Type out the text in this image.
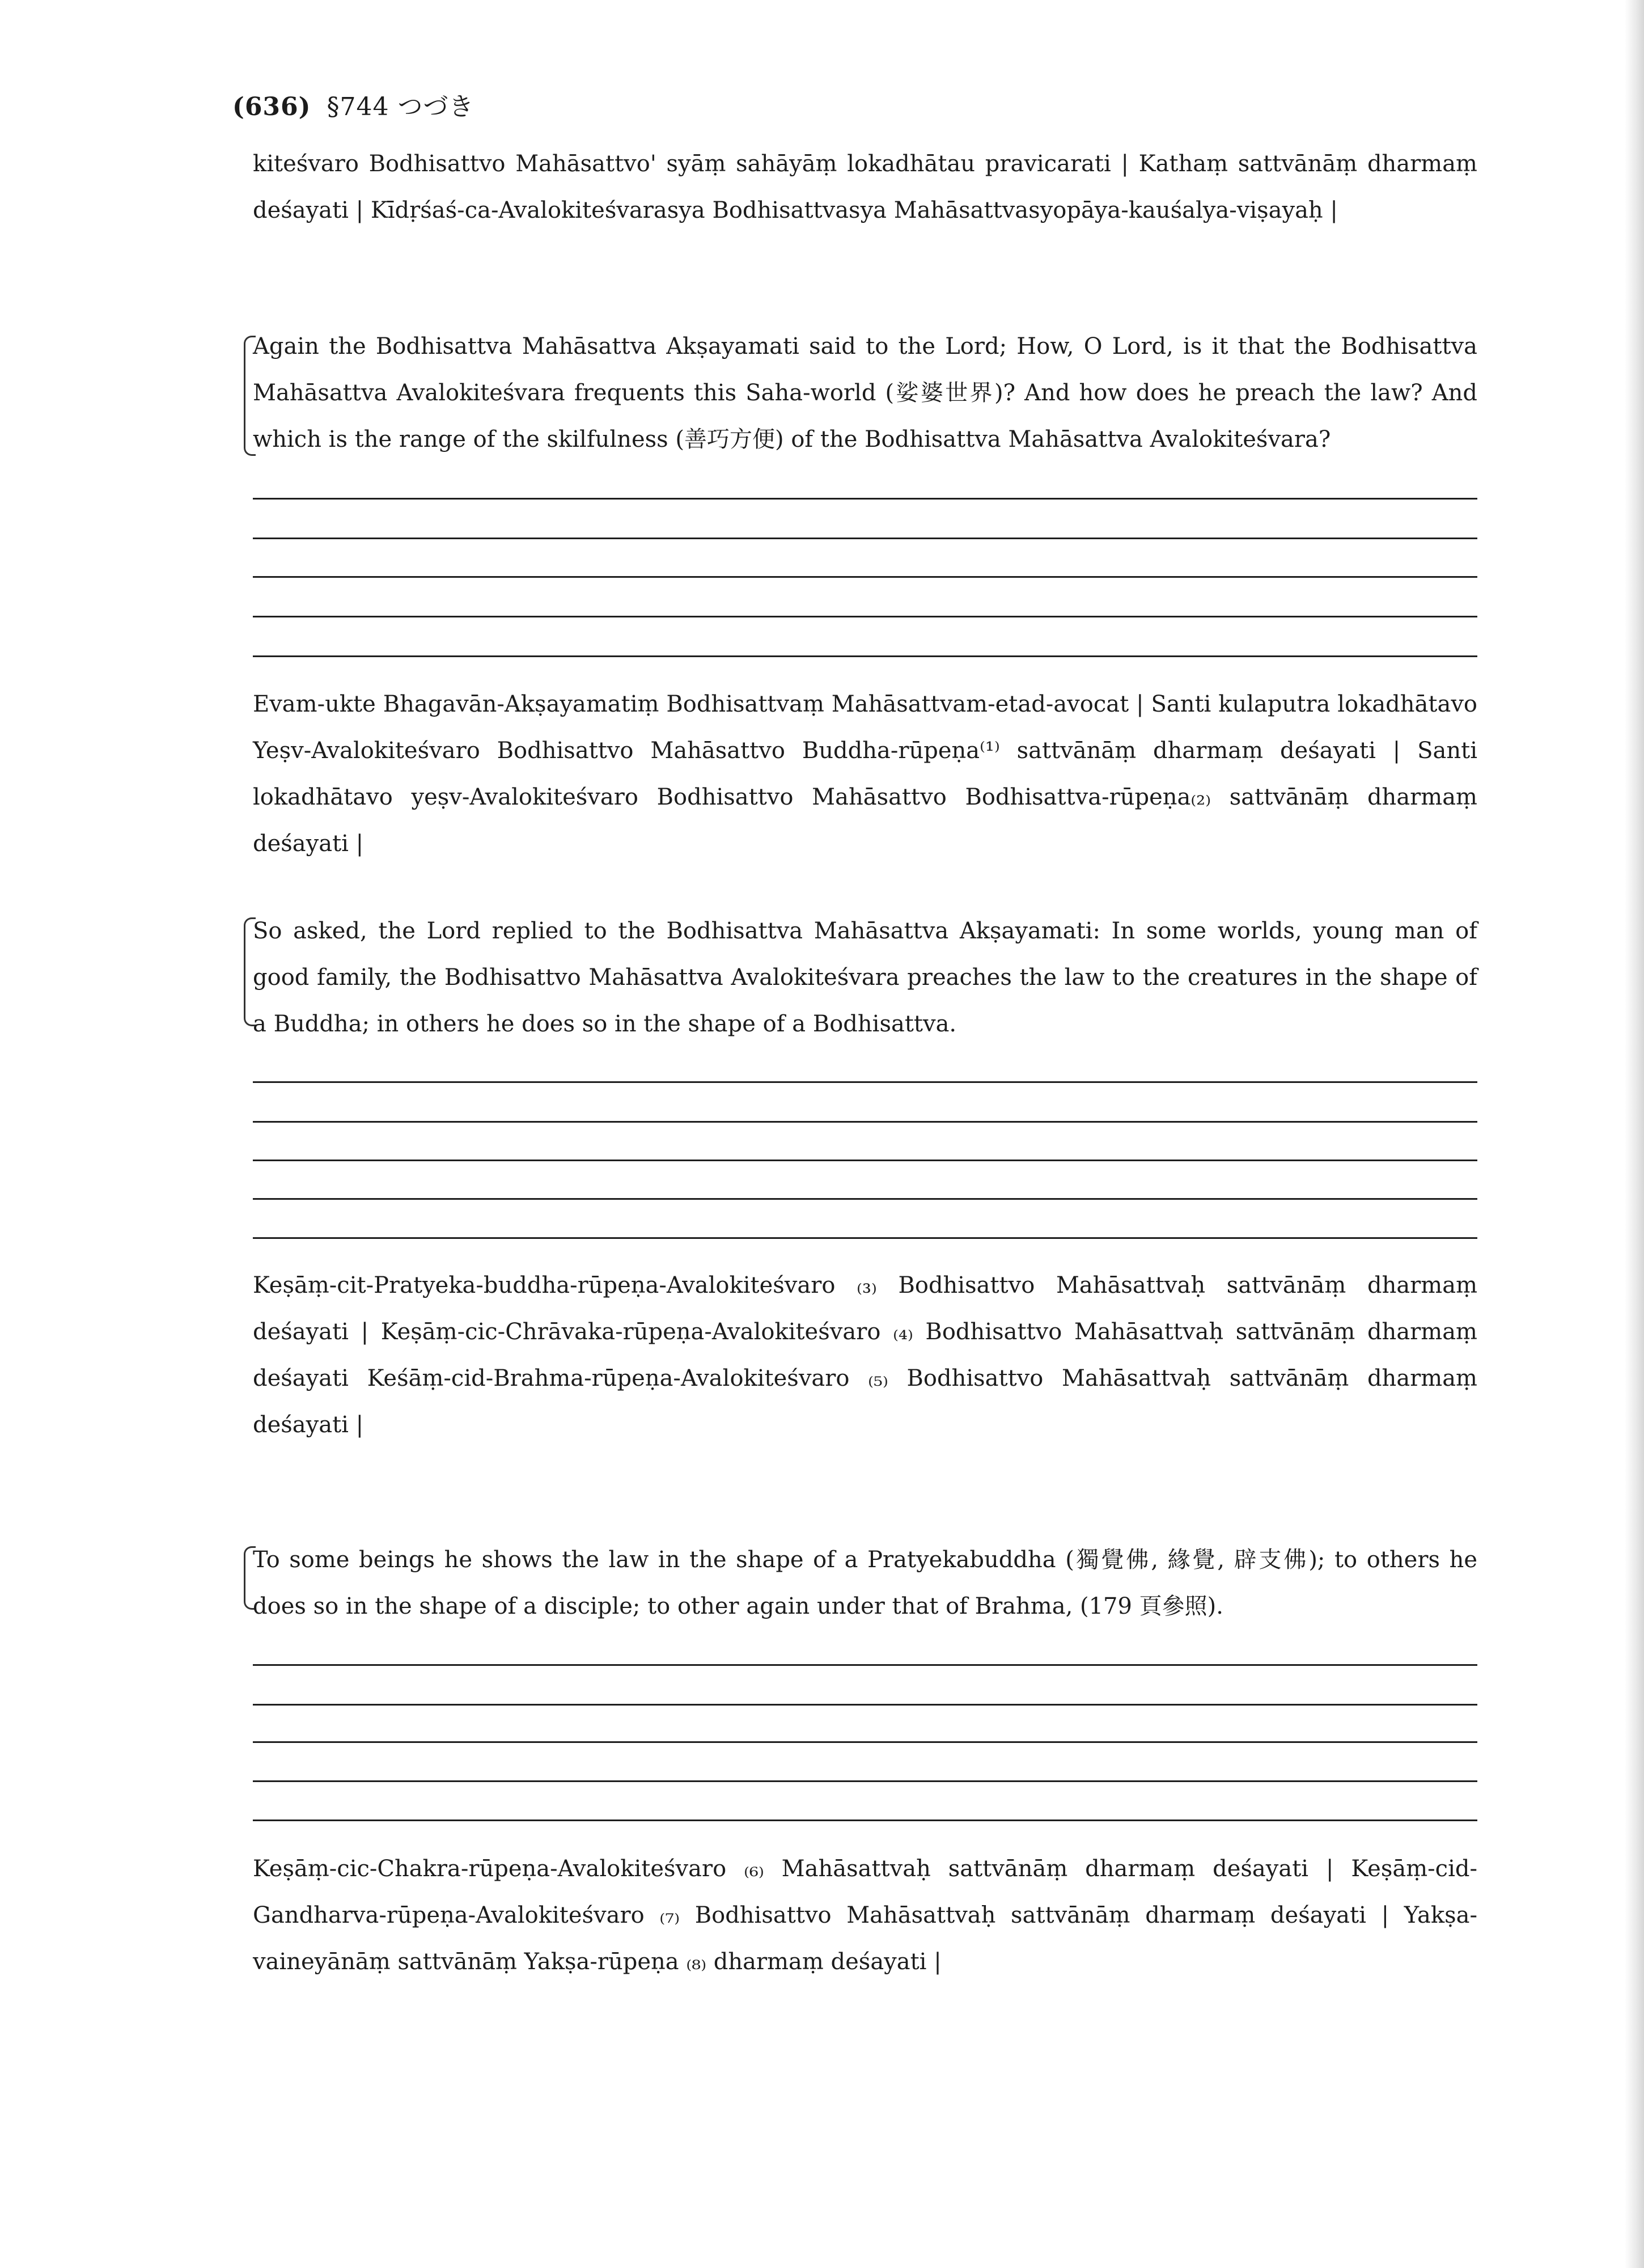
(636) §744 つづき

kiteśvaro Bodhisattvo Mahāsattvo' syāṃ sahāyāṃ lokadhātau pravicarati | Kathaṃ sattvānāṃ dharmaṃ deśayati | Kīdṛśaś-ca-Avalokiteśvarasya Bodhisattvasya Mahāsattvasyopāya-kauśalya-viṣayaḥ |

Again the Bodhisattva Mahāsattva Akṣayamati said to the Lord; How, O Lord, is it that the Bodhisattva Mahāsattva Avalokiteśvara frequents this Saha-world (娑婆世界)? And how does he preach the law? And which is the range of the skilfulness (善巧方便) of the Bodhisattva Mahāsattva Avalokiteśvara?

Evam-ukte Bhagavān-Akṣayamatiṃ Bodhisattvaṃ Mahāsattvam-etad-avocat | Santi kulaputra lokadhātavo Yeṣv-Avalokiteśvaro Bodhisattvo Mahāsattvo Buddha-rūpeṇa⁽¹⁾ sattvānāṃ dharmaṃ deśayati | Santi lokadhātavo yeṣv-Avalokiteśvaro Bodhisattvo Mahāsattvo Bodhisattva-rūpeṇa₍₂₎ sattvānāṃ dharmaṃ deśayati |

So asked, the Lord replied to the Bodhisattva Mahāsattva Akṣayamati: In some worlds, young man of good family, the Bodhisattvo Mahāsattva Avalokiteśvara preaches the law to the creatures in the shape of a Buddha; in others he does so in the shape of a Bodhisattva.

Keṣāṃ-cit-Pratyeka-buddha-rūpeṇa-Avalokiteśvaro ₍₃₎ Bodhisattvo Mahāsattvaḥ sattvānāṃ dharmaṃ deśayati | Keṣāṃ-cic-Chrāvaka-rūpeṇa-Avalokiteśvaro ₍₄₎ Bodhisattvo Mahāsattvaḥ sattvānāṃ dharmaṃ deśayati Keśāṃ-cid-Brahma-rūpeṇa-Avalokiteśvaro ₍₅₎ Bodhisattvo Mahāsattvaḥ sattvānāṃ dharmaṃ deśayati |

To some beings he shows the law in the shape of a Pratyekabuddha (獨覺佛, 緣覺, 辟支佛); to others he does so in the shape of a disciple; to other again under that of Brahma, (179 頁參照).

Keṣāṃ-cic-Chakra-rūpeṇa-Avalokiteśvaro ₍₆₎ Mahāsattvaḥ sattvānāṃ dharmaṃ deśayati | Keṣāṃ-cid-Gandharva-rūpeṇa-Avalokiteśvaro ₍₇₎ Bodhisattvo Mahāsattvaḥ sattvānāṃ dharmaṃ deśayati | Yakṣa-vaineyānāṃ sattvānāṃ Yakṣa-rūpeṇa ₍₈₎ dharmaṃ deśayati |
